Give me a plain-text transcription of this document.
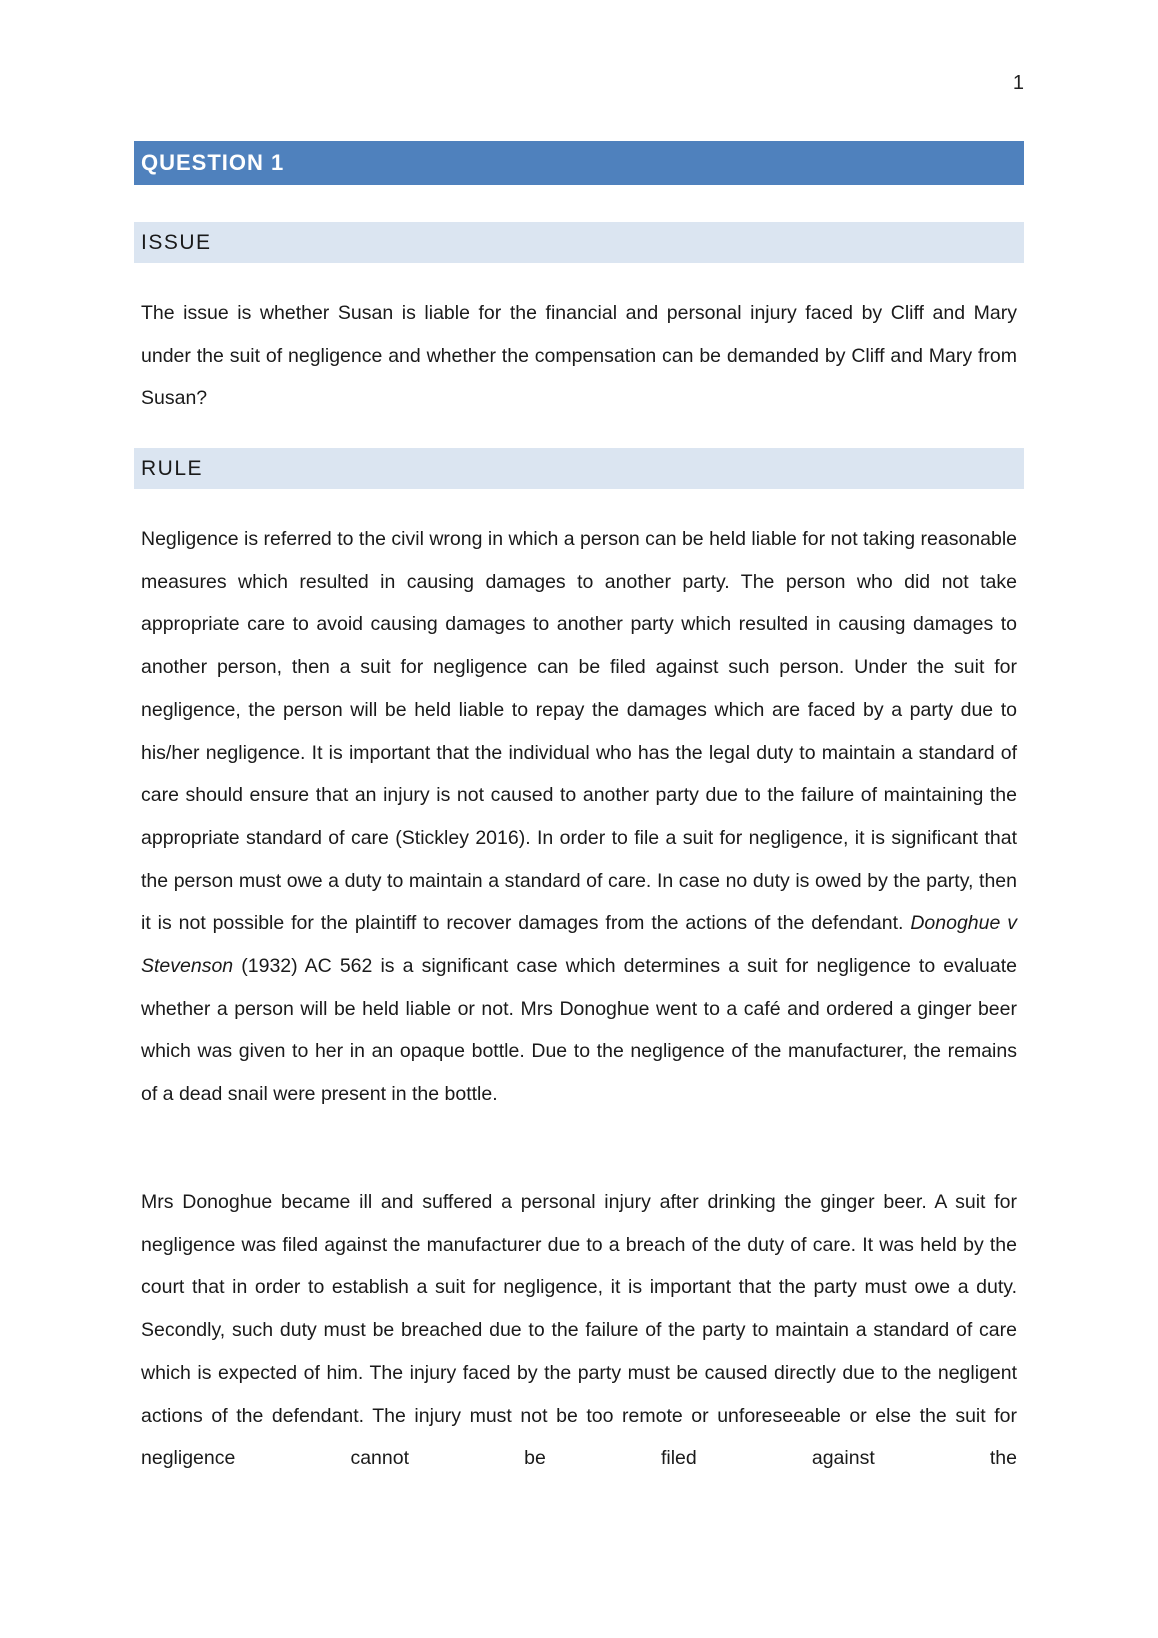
1
QUESTION 1
ISSUE

The issue is whether Susan is liable for the financial and personal injury faced by Cliff and Mary under the suit of negligence and whether the compensation can be demanded by Cliff and Mary from Susan?

RULE

Negligence is referred to the civil wrong in which a person can be held liable for not taking reasonable measures which resulted in causing damages to another party. The person who did not take appropriate care to avoid causing damages to another party which resulted in causing damages to another person, then a suit for negligence can be filed against such person. Under the suit for negligence, the person will be held liable to repay the damages which are faced by a party due to his/her negligence. It is important that the individual who has the legal duty to maintain a standard of care should ensure that an injury is not caused to another party due to the failure of maintaining the appropriate standard of care (Stickley 2016). In order to file a suit for negligence, it is significant that the person must owe a duty to maintain a standard of care. In case no duty is owed by the party, then it is not possible for the plaintiff to recover damages from the actions of the defendant. Donoghue v Stevenson (1932) AC 562 is a significant case which determines a suit for negligence to evaluate whether a person will be held liable or not. Mrs Donoghue went to a café and ordered a ginger beer which was given to her in an opaque bottle. Due to the negligence of the manufacturer, the remains of a dead snail were present in the bottle.

Mrs Donoghue became ill and suffered a personal injury after drinking the ginger beer. A suit for negligence was filed against the manufacturer due to a breach of the duty of care. It was held by the court that in order to establish a suit for negligence, it is important that the party must owe a duty. Secondly, such duty must be breached due to the failure of the party to maintain a standard of care which is expected of him. The injury faced by the party must be caused directly due to the negligent actions of the defendant. The injury must not be too remote or unforeseeable or else the suit for negligence cannot be filed against the
